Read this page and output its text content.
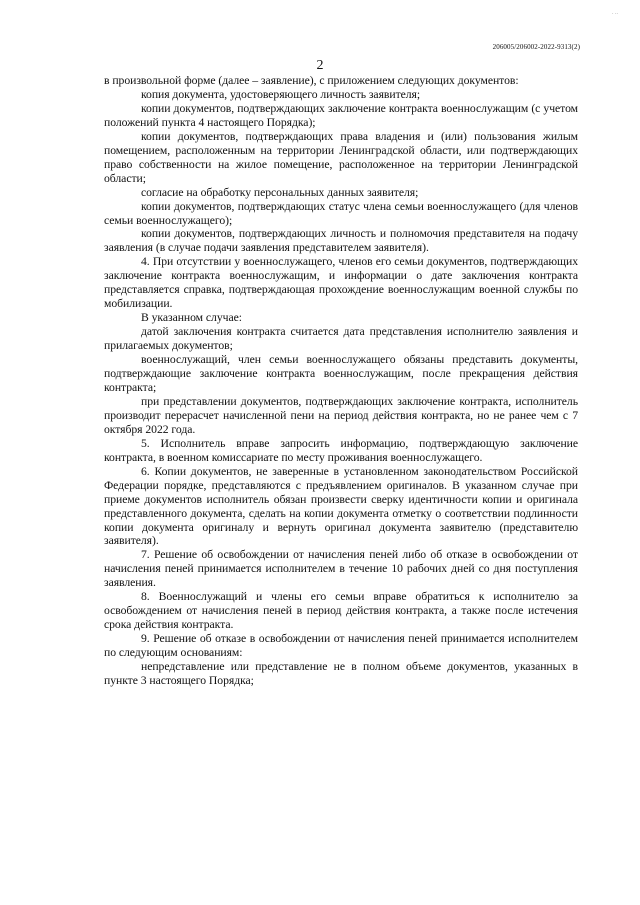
. ..
206005/206002-2022-9313(2)
2

в произвольной форме (далее – заявление), с приложением следующих документов:

копия документа, удостоверяющего личность заявителя;

копии документов, подтверждающих заключение контракта военнослужащим (с учетом положений пункта 4 настоящего Порядка);

копии документов, подтверждающих права владения и (или) пользования жилым помещением, расположенным на территории Ленинградской области, или подтверждающих право собственности на жилое помещение, расположенное на территории Ленинградской области;

согласие на обработку персональных данных заявителя;

копии документов, подтверждающих статус члена семьи военнослужащего (для членов семьи военнослужащего);

копии документов, подтверждающих личность и полномочия представителя на подачу заявления (в случае подачи заявления представителем заявителя).

4. При отсутствии у военнослужащего, членов его семьи документов, подтверждающих заключение контракта военнослужащим, и информации о дате заключения контракта представляется справка, подтверждающая прохождение военнослужащим военной службы по мобилизации.

В указанном случае:

датой заключения контракта считается дата представления исполнителю заявления и прилагаемых документов;

военнослужащий, член семьи военнослужащего обязаны представить документы, подтверждающие заключение контракта военнослужащим, после прекращения действия контракта;

при представлении документов, подтверждающих заключение контракта, исполнитель производит перерасчет начисленной пени на период действия контракта, но не ранее чем с 7 октября 2022 года.

5. Исполнитель вправе запросить информацию, подтверждающую заключение контракта, в военном комиссариате по месту проживания военнослужащего.

6. Копии документов, не заверенные в установленном законодательством Российской Федерации порядке, представляются с предъявлением оригиналов. В указанном случае при приеме документов исполнитель обязан произвести сверку идентичности копии и оригинала представленного документа, сделать на копии документа отметку о соответствии подлинности копии документа оригиналу и вернуть оригинал документа заявителю (представителю заявителя).

7. Решение об освобождении от начисления пеней либо об отказе в освобождении от начисления пеней принимается исполнителем в течение 10 рабочих дней со дня поступления заявления.

8. Военнослужащий и члены его семьи вправе обратиться к исполнителю за освобождением от начисления пеней в период действия контракта, а также после истечения срока действия контракта.

9. Решение об отказе в освобождении от начисления пеней принимается исполнителем по следующим основаниям:

непредставление или представление не в полном объеме документов, указанных в пункте 3 настоящего Порядка;
